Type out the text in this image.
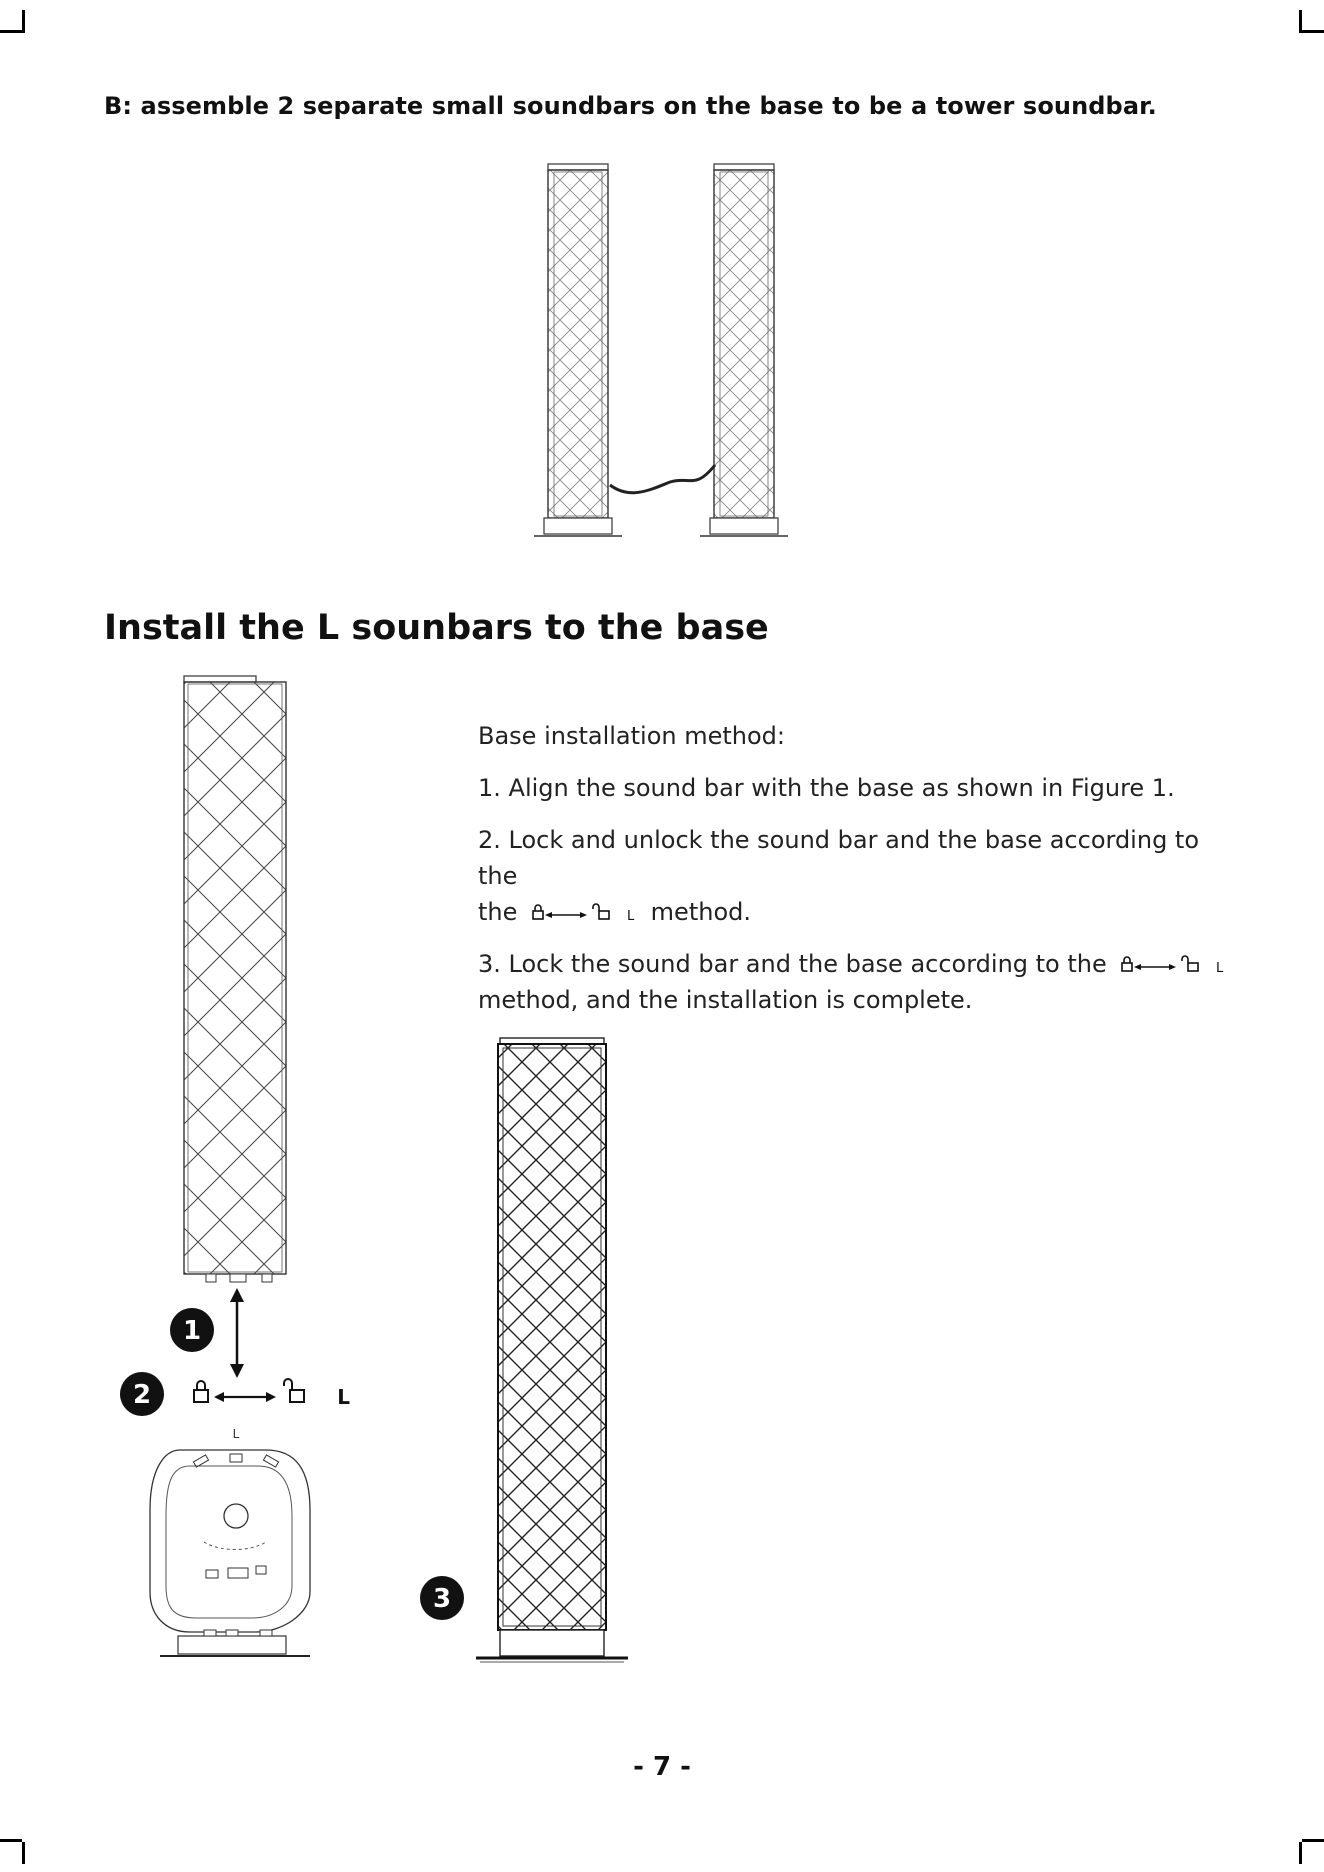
B: assemble 2 separate small soundbars on the base to be a tower soundbar.
Install the L sounbars to the base
1
2	L
L

Base installation method:

1. Align the sound bar with the base as shown in Figure 1.

2. Lock and unlock the sound bar and the base according to the
the	L method.

3. Lock the sound bar and the base according to the	L

method, and the installation is complete.

3
- 7 -
